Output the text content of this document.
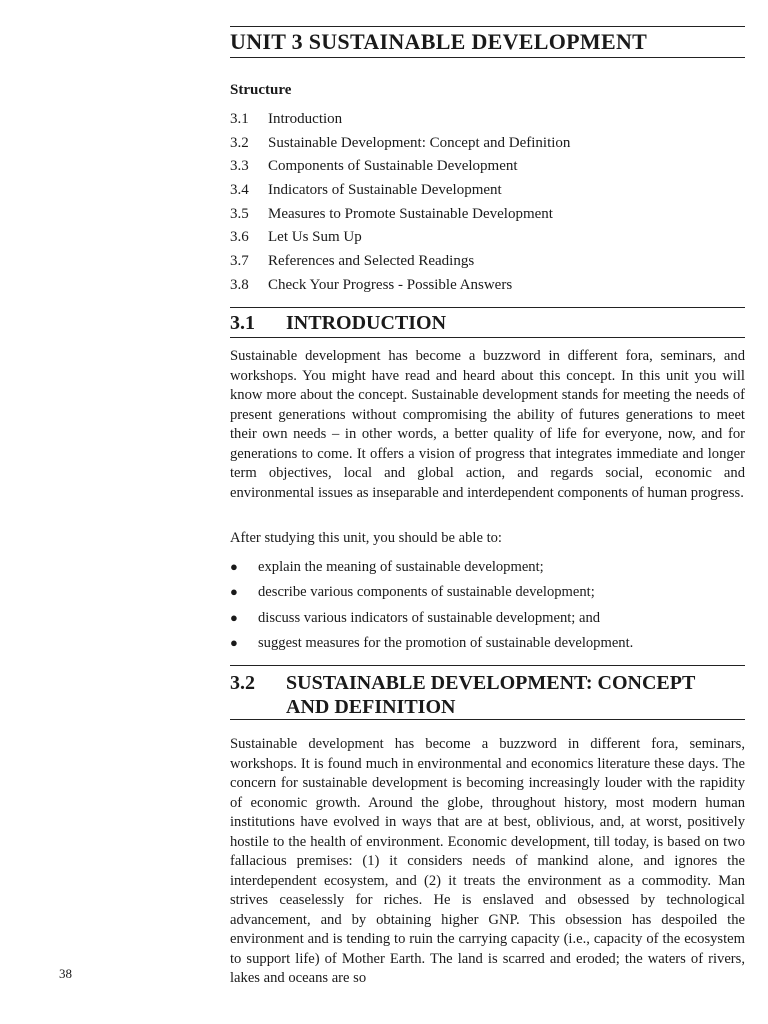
UNIT 3 SUSTAINABLE DEVELOPMENT
Structure
3.1 Introduction
3.2 Sustainable Development: Concept and Definition
3.3 Components of Sustainable Development
3.4 Indicators of Sustainable Development
3.5 Measures to Promote Sustainable Development
3.6 Let Us Sum Up
3.7 References and Selected Readings
3.8 Check Your Progress - Possible Answers
3.1 INTRODUCTION
Sustainable development has become a buzzword in different fora, seminars, and workshops. You might have read and heard about this concept. In this unit you will know more about the concept. Sustainable development stands for meeting the needs of present generations without compromising the ability of futures generations to meet their own needs – in other words, a better quality of life for everyone, now, and for generations to come. It offers a vision of progress that integrates immediate and longer term objectives, local and global action, and regards social, economic and environmental issues as inseparable and interdependent components of human progress.
After studying this unit, you should be able to:
● explain the meaning of sustainable development;
● describe various components of sustainable development;
● discuss various indicators of sustainable development; and
● suggest measures for the promotion of sustainable development.
3.2 SUSTAINABLE DEVELOPMENT: CONCEPT
AND DEFINITION
Sustainable development has become a buzzword in different fora, seminars, workshops. It is found much in environmental and economics literature these days. The concern for sustainable development is becoming increasingly louder with the rapidity of economic growth. Around the globe, throughout history, most modern human institutions have evolved in ways that are at best, oblivious, and, at worst, positively hostile to the health of environment. Economic development, till today, is based on two fallacious premises: (1) it considers needs of mankind alone, and ignores the interdependent ecosystem, and (2) it treats the environment as a commodity. Man strives ceaselessly for riches. He is enslaved and obsessed by technological advancement, and by obtaining higher GNP. This obsession has despoiled the environment and is tending to ruin the carrying capacity (i.e., capacity of the ecosystem to support life) of Mother Earth. The land is scarred and eroded; the waters of rivers, lakes and oceans are so
38
